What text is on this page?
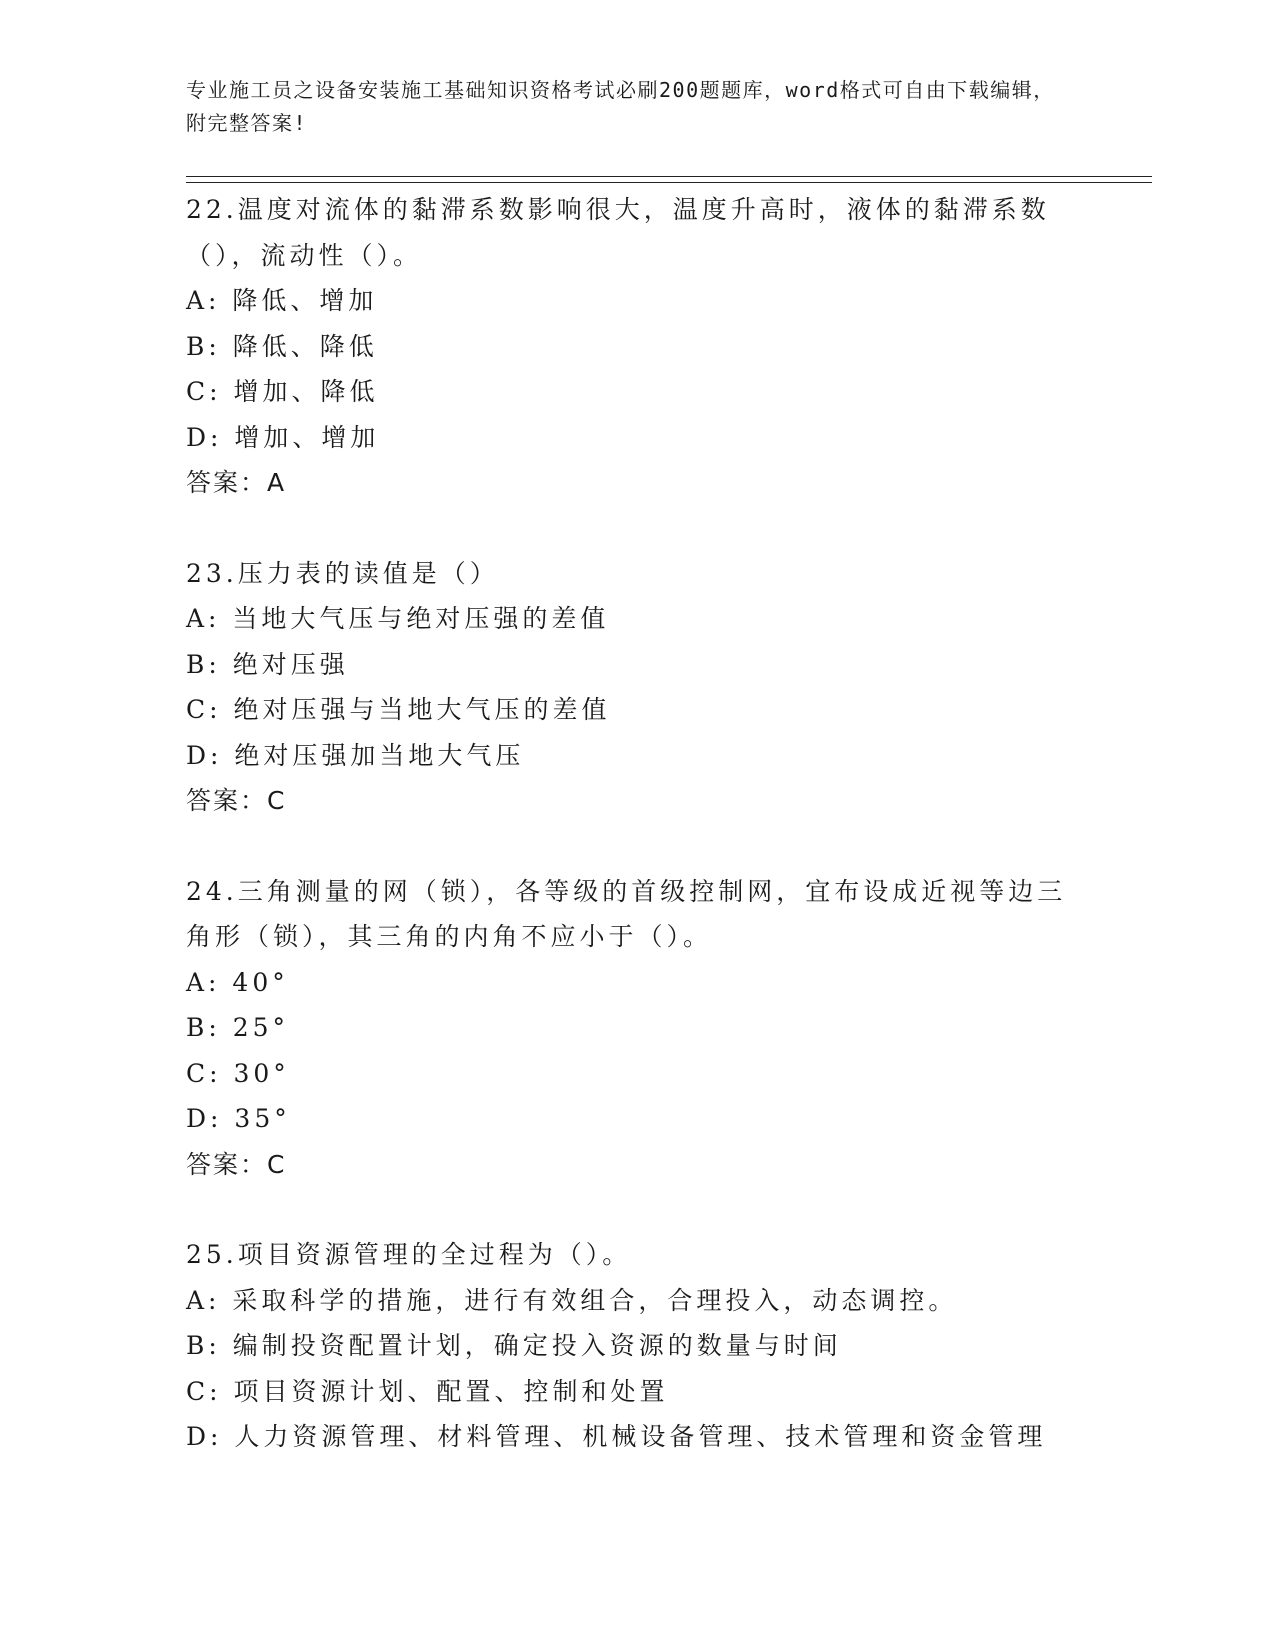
专业施工员之设备安装施工基础知识资格考试必刷200题题库，word格式可自由下载编辑，附完整答案!
22.温度对流体的黏滞系数影响很大，温度升高时，液体的黏滞系数（），流动性（）。
A: 降低、增加
B: 降低、降低
C: 增加、降低
D: 增加、增加
答案：A
23.压力表的读值是（）
A: 当地大气压与绝对压强的差值
B: 绝对压强
C: 绝对压强与当地大气压的差值
D: 绝对压强加当地大气压
答案：C
24.三角测量的网（锁），各等级的首级控制网，宜布设成近视等边三角形（锁），其三角的内角不应小于（）。
A: 40°
B: 25°
C: 30°
D: 35°
答案：C
25.项目资源管理的全过程为（）。
A: 采取科学的措施，进行有效组合，合理投入，动态调控。
B: 编制投资配置计划，确定投入资源的数量与时间
C: 项目资源计划、配置、控制和处置
D: 人力资源管理、材料管理、机械设备管理、技术管理和资金管理
